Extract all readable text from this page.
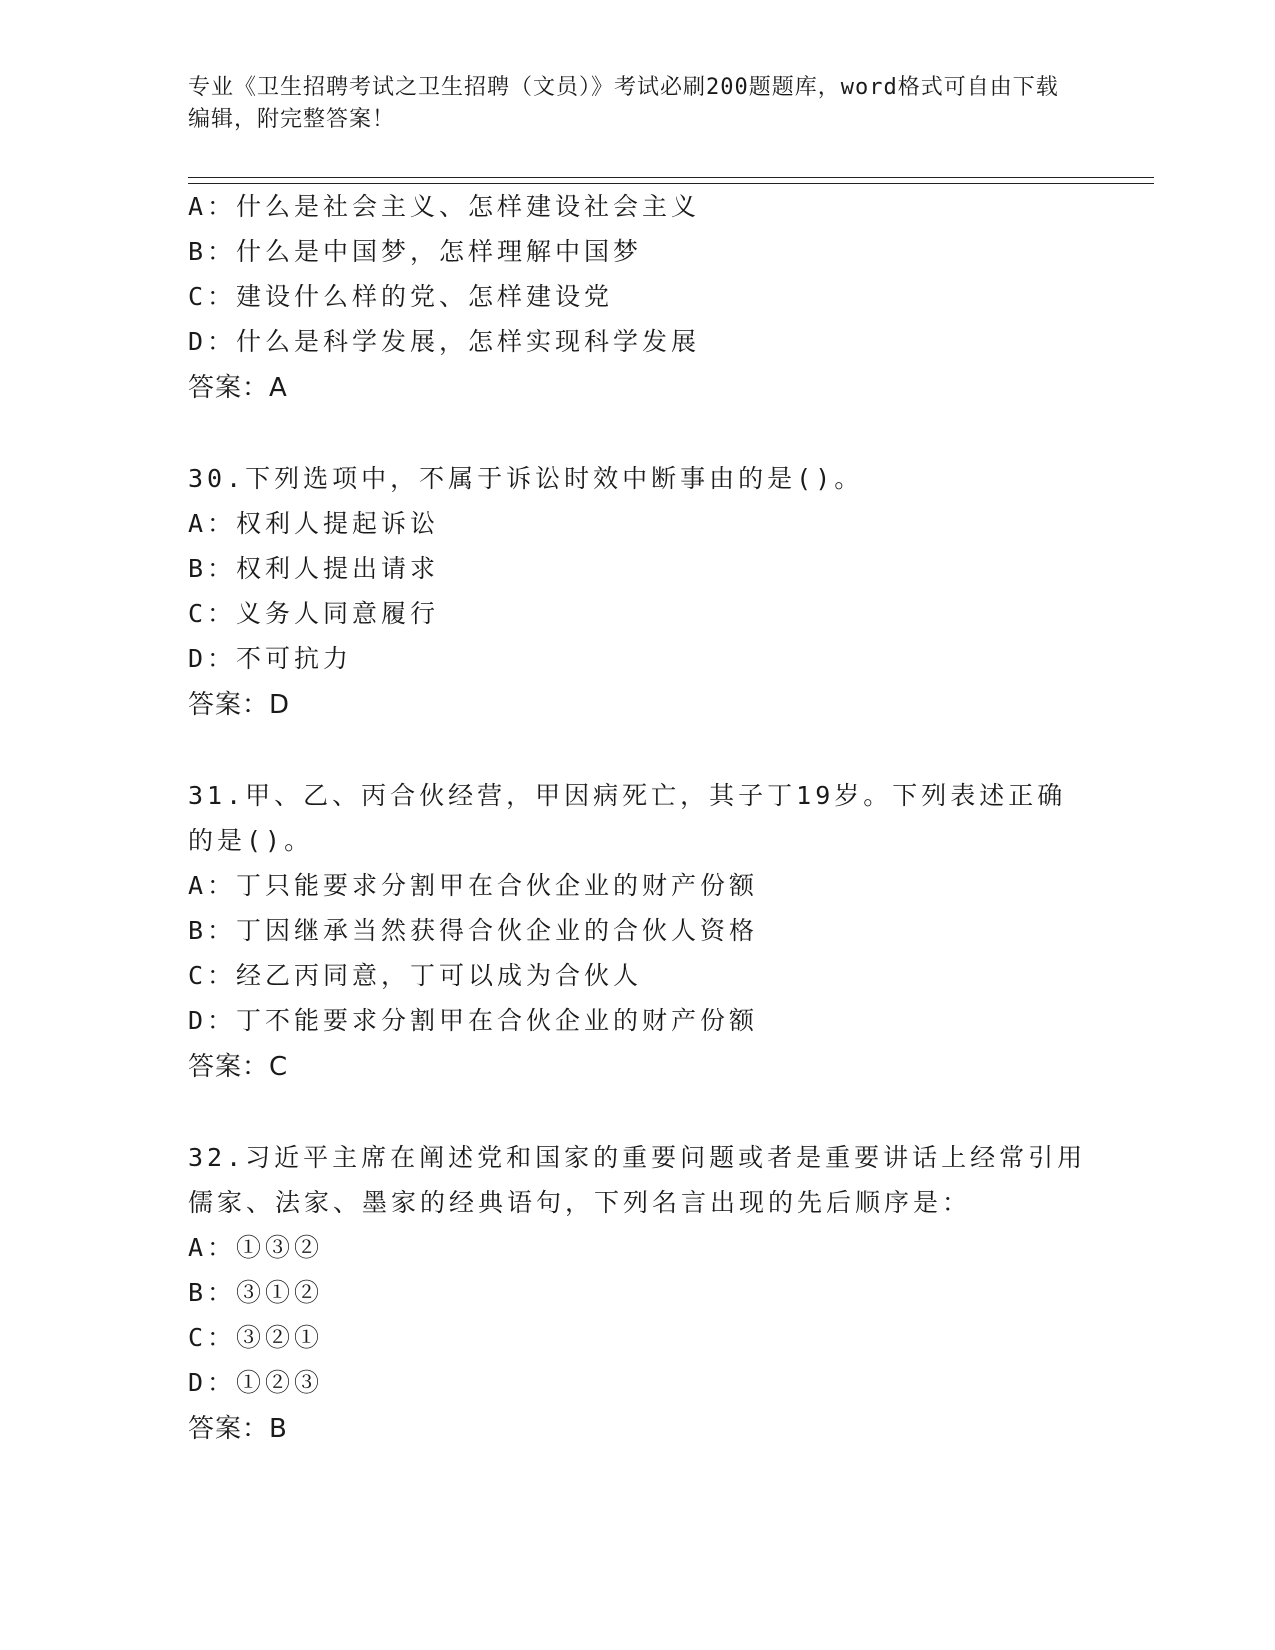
专业《卫生招聘考试之卫生招聘（文员）》考试必刷200题题库，word格式可自由下载编辑，附完整答案！
A：什么是社会主义、怎样建设社会主义
B：什么是中国梦，怎样理解中国梦
C：建设什么样的党、怎样建设党
D：什么是科学发展，怎样实现科学发展
答案：A
30.下列选项中，不属于诉讼时效中断事由的是()。
A：权利人提起诉讼
B：权利人提出请求
C：义务人同意履行
D：不可抗力
答案：D
31.甲、乙、丙合伙经营，甲因病死亡，其子丁19岁。下列表述正确
的是()。
A：丁只能要求分割甲在合伙企业的财产份额
B：丁因继承当然获得合伙企业的合伙人资格
C：经乙丙同意，丁可以成为合伙人
D：丁不能要求分割甲在合伙企业的财产份额
答案：C
32.习近平主席在阐述党和国家的重要问题或者是重要讲话上经常引用
儒家、法家、墨家的经典语句，下列名言出现的先后顺序是：
A：①③②
B：③①②
C：③②①
D：①②③
答案：B
